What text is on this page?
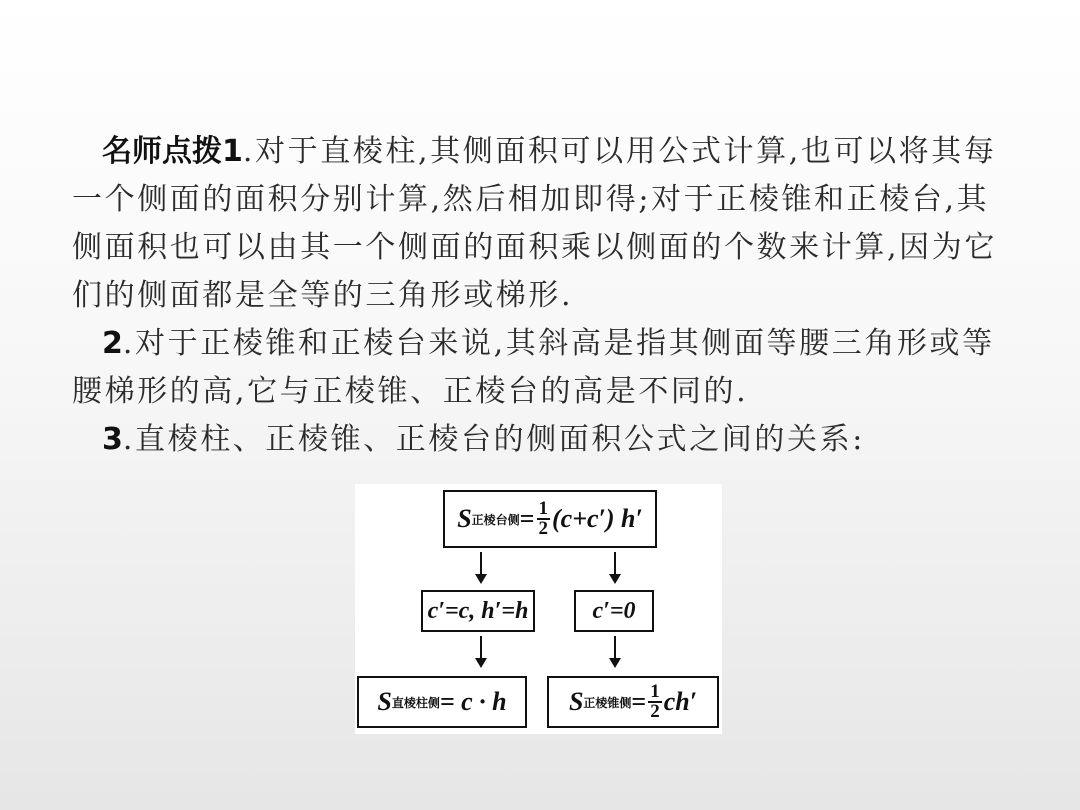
名师点拨1.对于直棱柱,其侧面积可以用公式计算,也可以将其每一个侧面的面积分别计算,然后相加即得;对于正棱锥和正棱台,其侧面积也可以由其一个侧面的面积乘以侧面的个数来计算,因为它们的侧面都是全等的三角形或梯形.

2.对于正棱锥和正棱台来说,其斜高是指其侧面等腰三角形或等腰梯形的高,它与正棱锥、正棱台的高是不同的.

3.直棱柱、正棱锥、正棱台的侧面积公式之间的关系:

S 正棱台侧 = $\frac{1}{2} (c+c')$ h′
c′=c, h′=h	c′=0
S 直棱柱侧 = c · h S 正棱锥侧 = $\frac{1}{2} ch'$
